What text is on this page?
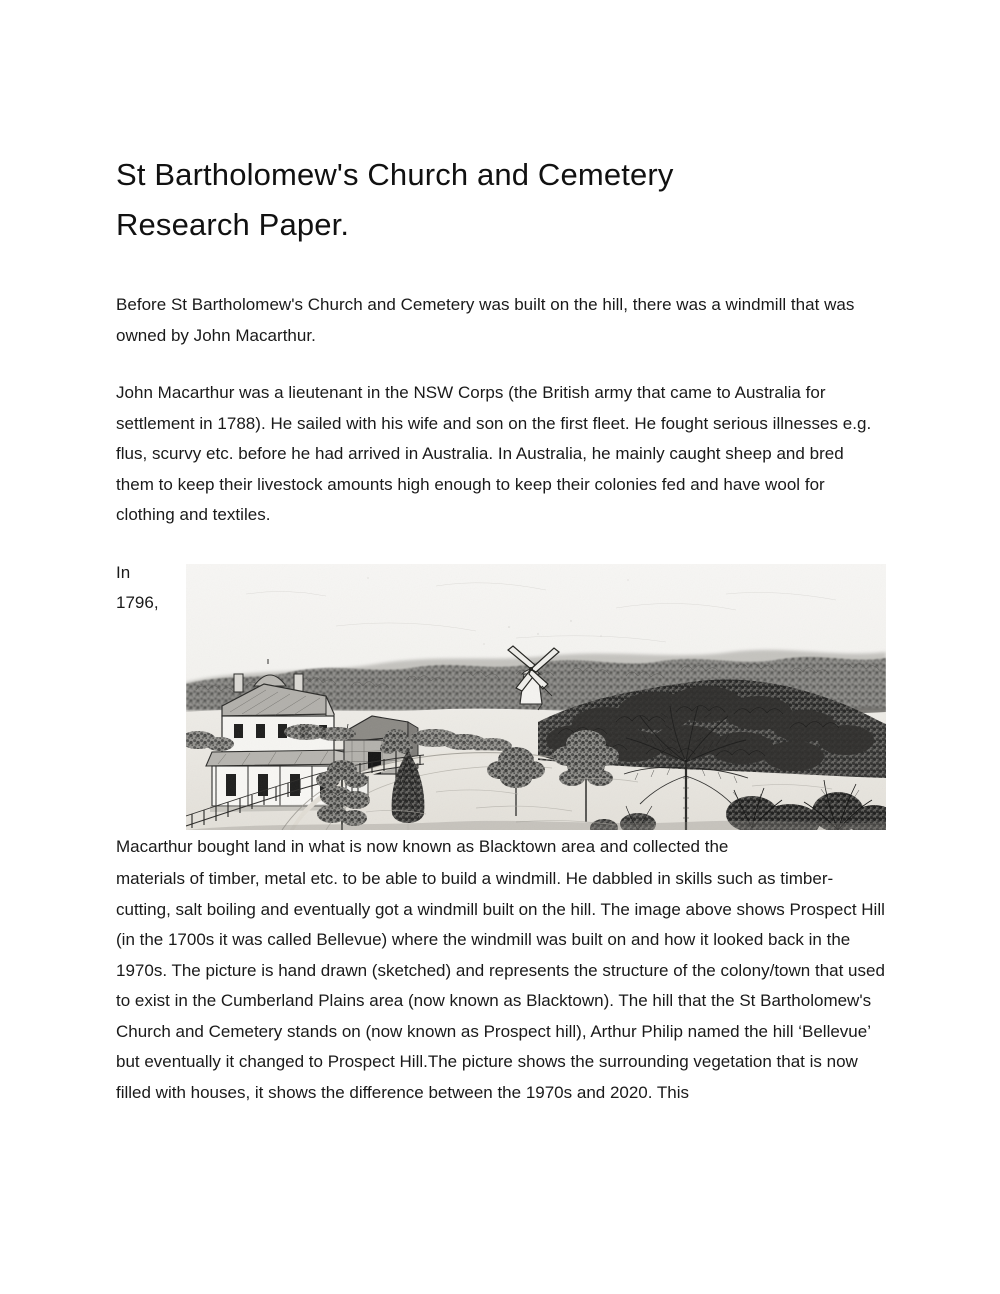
St Bartholomew's Church and Cemetery Research Paper.

Before St Bartholomew's Church and Cemetery was built on the hill, there was a windmill that was owned by John Macarthur.

John Macarthur was a lieutenant in the NSW Corps (the British army that came to Australia for settlement in 1788). He sailed with his wife and son on the first fleet. He fought serious illnesses e.g. flus, scurvy etc. before he had arrived in Australia. In Australia, he mainly caught sheep and bred them to keep their livestock amounts high enough to keep their colonies fed and have wool for clothing and textiles.

In 1796, Macarthur bought land in what is now known as Blacktown area and collected the

materials of timber, metal etc. to be able to build a windmill. He dabbled in skills such as timber-cutting, salt boiling and eventually got a windmill built on the hill. The image above shows Prospect Hill (in the 1700s it was called Bellevue) where the windmill was built on and how it looked back in the 1970s. The picture is hand drawn (sketched) and represents the structure of the colony/town that used to exist in the Cumberland Plains area (now known as Blacktown). The hill that the St Bartholomew's Church and Cemetery stands on (now known as Prospect hill), Arthur Philip named the hill ‘Bellevue’ but eventually it changed to Prospect Hill.The picture shows the surrounding vegetation that is now filled with houses, it shows the difference between the 1970s and 2020. This
